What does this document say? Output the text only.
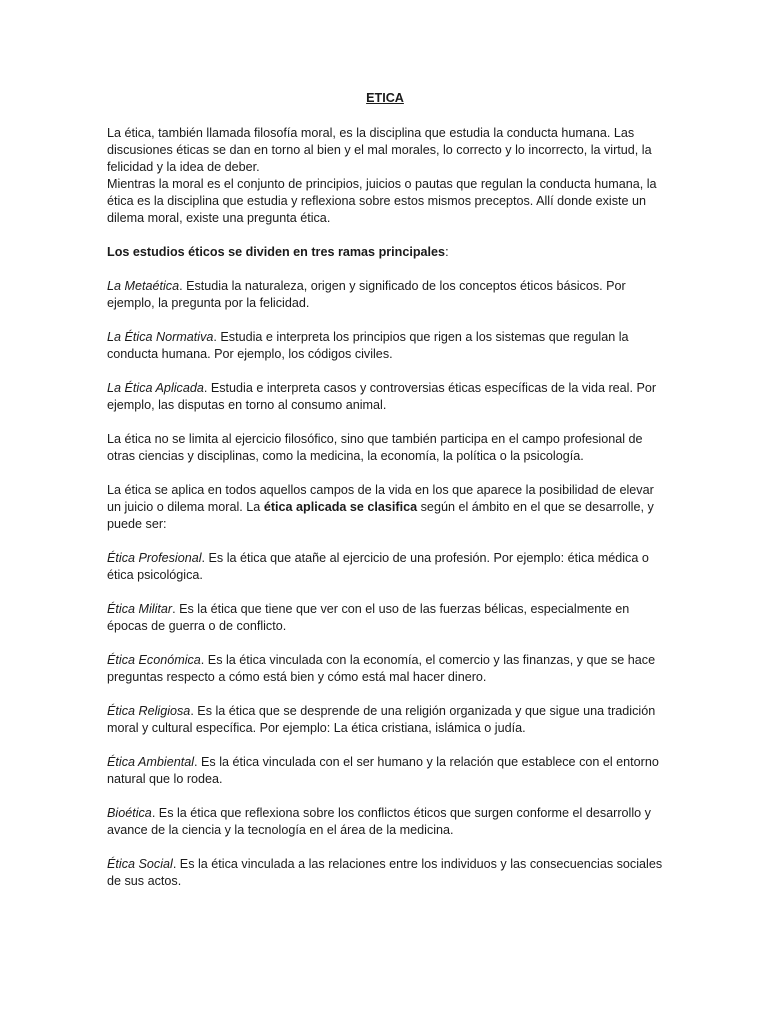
ETICA

La ética, también llamada filosofía moral, es la disciplina que estudia la conducta humana. Las discusiones éticas se dan en torno al bien y el mal morales, lo correcto y lo incorrecto, la virtud, la felicidad y la idea de deber.

Mientras la moral es el conjunto de principios, juicios o pautas que regulan la conducta humana, la ética es la disciplina que estudia y reflexiona sobre estos mismos preceptos. Allí donde existe un dilema moral, existe una pregunta ética.

Los estudios éticos se dividen en tres ramas principales:

La Metaética. Estudia la naturaleza, origen y significado de los conceptos éticos básicos. Por ejemplo, la pregunta por la felicidad.

La Ética Normativa. Estudia e interpreta los principios que rigen a los sistemas que regulan la conducta humana. Por ejemplo, los códigos civiles.

La Ética Aplicada. Estudia e interpreta casos y controversias éticas específicas de la vida real. Por ejemplo, las disputas en torno al consumo animal.

La ética no se limita al ejercicio filosófico, sino que también participa en el campo profesional de otras ciencias y disciplinas, como la medicina, la economía, la política o la psicología.

La ética se aplica en todos aquellos campos de la vida en los que aparece la posibilidad de elevar un juicio o dilema moral. La ética aplicada se clasifica según el ámbito en el que se desarrolle, y puede ser:

Ética Profesional. Es la ética que atañe al ejercicio de una profesión. Por ejemplo: ética médica o ética psicológica.

Ética Militar. Es la ética que tiene que ver con el uso de las fuerzas bélicas, especialmente en épocas de guerra o de conflicto.

Ética Económica. Es la ética vinculada con la economía, el comercio y las finanzas, y que se hace preguntas respecto a cómo está bien y cómo está mal hacer dinero.

Ética Religiosa. Es la ética que se desprende de una religión organizada y que sigue una tradición moral y cultural específica. Por ejemplo: La ética cristiana, islámica o judía.

Ética Ambiental. Es la ética vinculada con el ser humano y la relación que establece con el entorno natural que lo rodea.

Bioética. Es la ética que reflexiona sobre los conflictos éticos que surgen conforme el desarrollo y avance de la ciencia y la tecnología en el área de la medicina.

Ética Social. Es la ética vinculada a las relaciones entre los individuos y las consecuencias sociales de sus actos.
